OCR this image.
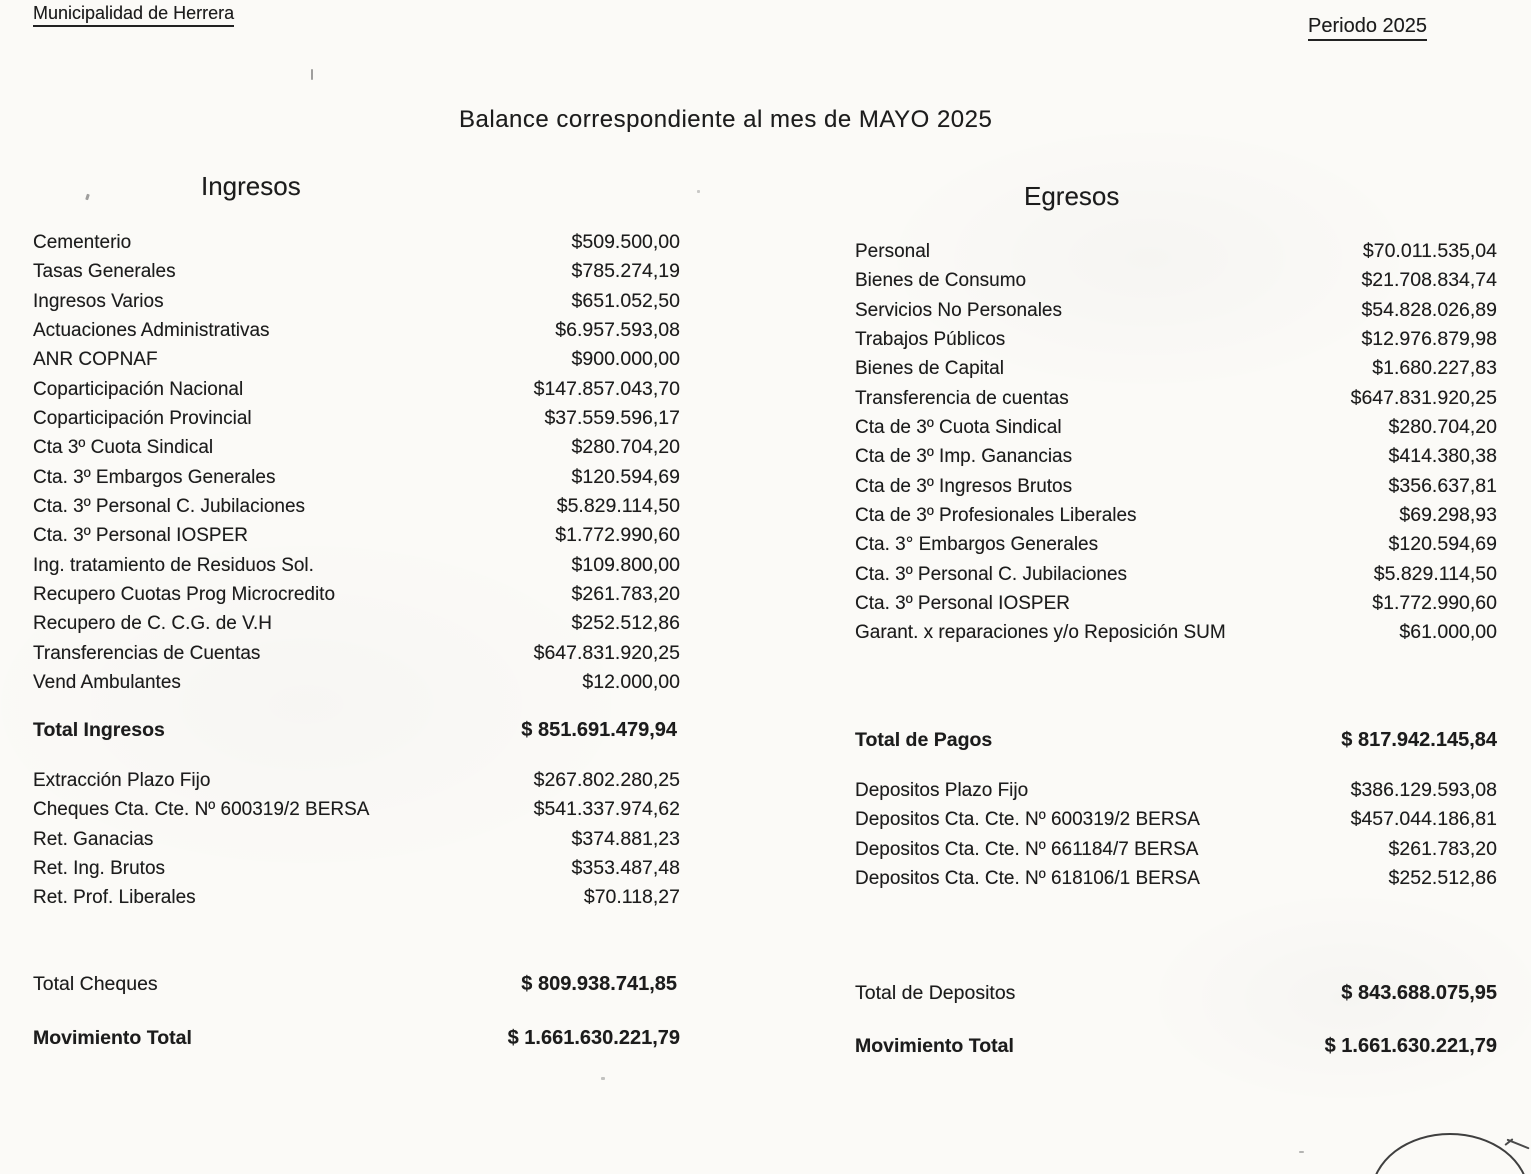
Municipalidad de Herrera
Periodo 2025
Balance correspondiente al mes de MAYO 2025
Ingresos	Egresos
Cementerio	$509.500,00
Tasas Generales	$785.274,19
Ingresos Varios	$651.052,50
Actuaciones Administrativas	$6.957.593,08
ANR COPNAF	$900.000,00
Coparticipación Nacional	$147.857.043,70
Coparticipación Provincial	$37.559.596,17
Cta 3º Cuota Sindical	$280.704,20
Cta. 3º Embargos Generales	$120.594,69
Cta. 3º Personal C. Jubilaciones	$5.829.114,50
Cta. 3º Personal IOSPER	$1.772.990,60
Ing. tratamiento de Residuos Sol.	$109.800,00
Recupero Cuotas Prog Microcredito	$261.783,20
Recupero de C. C.G. de V.H	$252.512,86
Transferencias de Cuentas	$647.831.920,25
Vend Ambulantes	$12.000,00
Total Ingresos	$ 851.691.479,94
Extracción Plazo Fijo	$267.802.280,25
Cheques Cta. Cte. Nº 600319/2 BERSA	$541.337.974,62
Ret. Ganacias	$374.881,23
Ret. Ing. Brutos	$353.487,48
Ret. Prof. Liberales	$70.118,27
Total Cheques	$ 809.938.741,85
Movimiento Total	$ 1.661.630.221,79
Personal	$70.011.535,04
Bienes de Consumo	$21.708.834,74
Servicios No Personales	$54.828.026,89
Trabajos Públicos	$12.976.879,98
Bienes de Capital	$1.680.227,83
Transferencia de cuentas	$647.831.920,25
Cta de 3º Cuota Sindical	$280.704,20
Cta de 3º Imp. Ganancias	$414.380,38
Cta de 3º Ingresos Brutos	$356.637,81
Cta de 3º Profesionales Liberales	$69.298,93
Cta. 3° Embargos Generales	$120.594,69
Cta. 3º Personal C. Jubilaciones	$5.829.114,50
Cta. 3º Personal IOSPER	$1.772.990,60
Garant. x reparaciones y/o Reposición SUM	$61.000,00
Total de Pagos	$ 817.942.145,84
Depositos Plazo Fijo	$386.129.593,08
Depositos Cta. Cte. Nº 600319/2 BERSA	$457.044.186,81
Depositos Cta. Cte. Nº 661184/7 BERSA	$261.783,20
Depositos Cta. Cte. Nº 618106/1 BERSA	$252.512,86
Total de Depositos	$ 843.688.075,95
Movimiento Total	$ 1.661.630.221,79
